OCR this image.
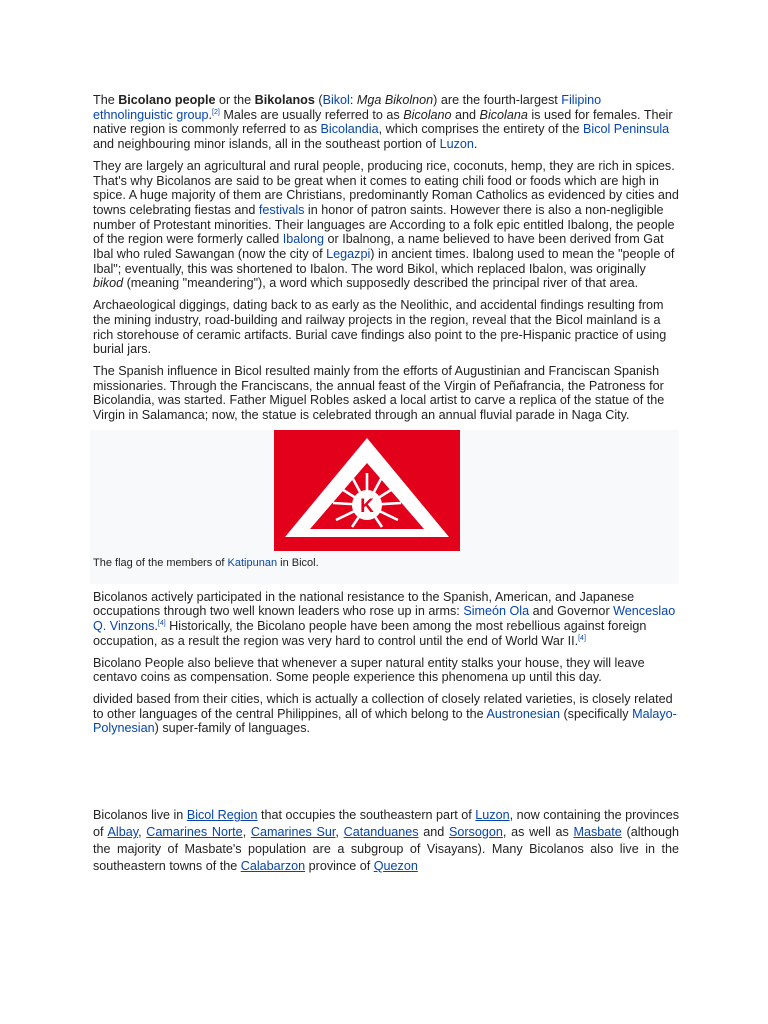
The Bicolano people or the Bikolanos (Bikol: Mga Bikolnon) are the fourth-largest Filipino ethnolinguistic group.[2] Males are usually referred to as Bicolano and Bicolana is used for females. Their native region is commonly referred to as Bicolandia, which comprises the entirety of the Bicol Peninsula and neighbouring minor islands, all in the southeast portion of Luzon.

They are largely an agricultural and rural people, producing rice, coconuts, hemp, they are rich in spices. That's why Bicolanos are said to be great when it comes to eating chili food or foods which are high in spice. A huge majority of them are Christians, predominantly Roman Catholics as evidenced by cities and towns celebrating fiestas and festivals in honor of patron saints. However there is also a non-negligible number of Protestant minorities. Their languages are According to a folk epic entitled Ibalong, the people of the region were formerly called Ibalong or Ibalnong, a name believed to have been derived from Gat Ibal who ruled Sawangan (now the city of Legazpi) in ancient times. Ibalong used to mean the "people of Ibal"; eventually, this was shortened to Ibalon. The word Bikol, which replaced Ibalon, was originally bikod (meaning "meandering"), a word which supposedly described the principal river of that area.

Archaeological diggings, dating back to as early as the Neolithic, and accidental findings resulting from the mining industry, road-building and railway projects in the region, reveal that the Bicol mainland is a rich storehouse of ceramic artifacts. Burial cave findings also point to the pre-Hispanic practice of using burial jars.

The Spanish influence in Bicol resulted mainly from the efforts of Augustinian and Franciscan Spanish missionaries. Through the Franciscans, the annual feast of the Virgin of Peñafrancia, the Patroness for Bicolandia, was started. Father Miguel Robles asked a local artist to carve a replica of the statue of the Virgin in Salamanca; now, the statue is celebrated through an annual fluvial parade in Naga City.

K
The flag of the members of Katipunan in Bicol.

Bicolanos actively participated in the national resistance to the Spanish, American, and Japanese occupations through two well known leaders who rose up in arms: Simeón Ola and Governor Wenceslao Q. Vinzons.[4] Historically, the Bicolano people have been among the most rebellious against foreign occupation, as a result the region was very hard to control until the end of World War II.[4]

Bicolano People also believe that whenever a super natural entity stalks your house, they will leave centavo coins as compensation. Some people experience this phenomena up until this day.

divided based from their cities, which is actually a collection of closely related varieties, is closely related to other languages of the central Philippines, all of which belong to the Austronesian (specifically Malayo-Polynesian) super-family of languages.

Bicolanos live in Bicol Region that occupies the southeastern part of Luzon, now containing the provinces of Albay, Camarines Norte, Camarines Sur, Catanduanes and Sorsogon, as well as Masbate (although the majority of Masbate's population are a subgroup of Visayans). Many Bicolanos also live in the southeastern towns of the Calabarzon province of Quezon
